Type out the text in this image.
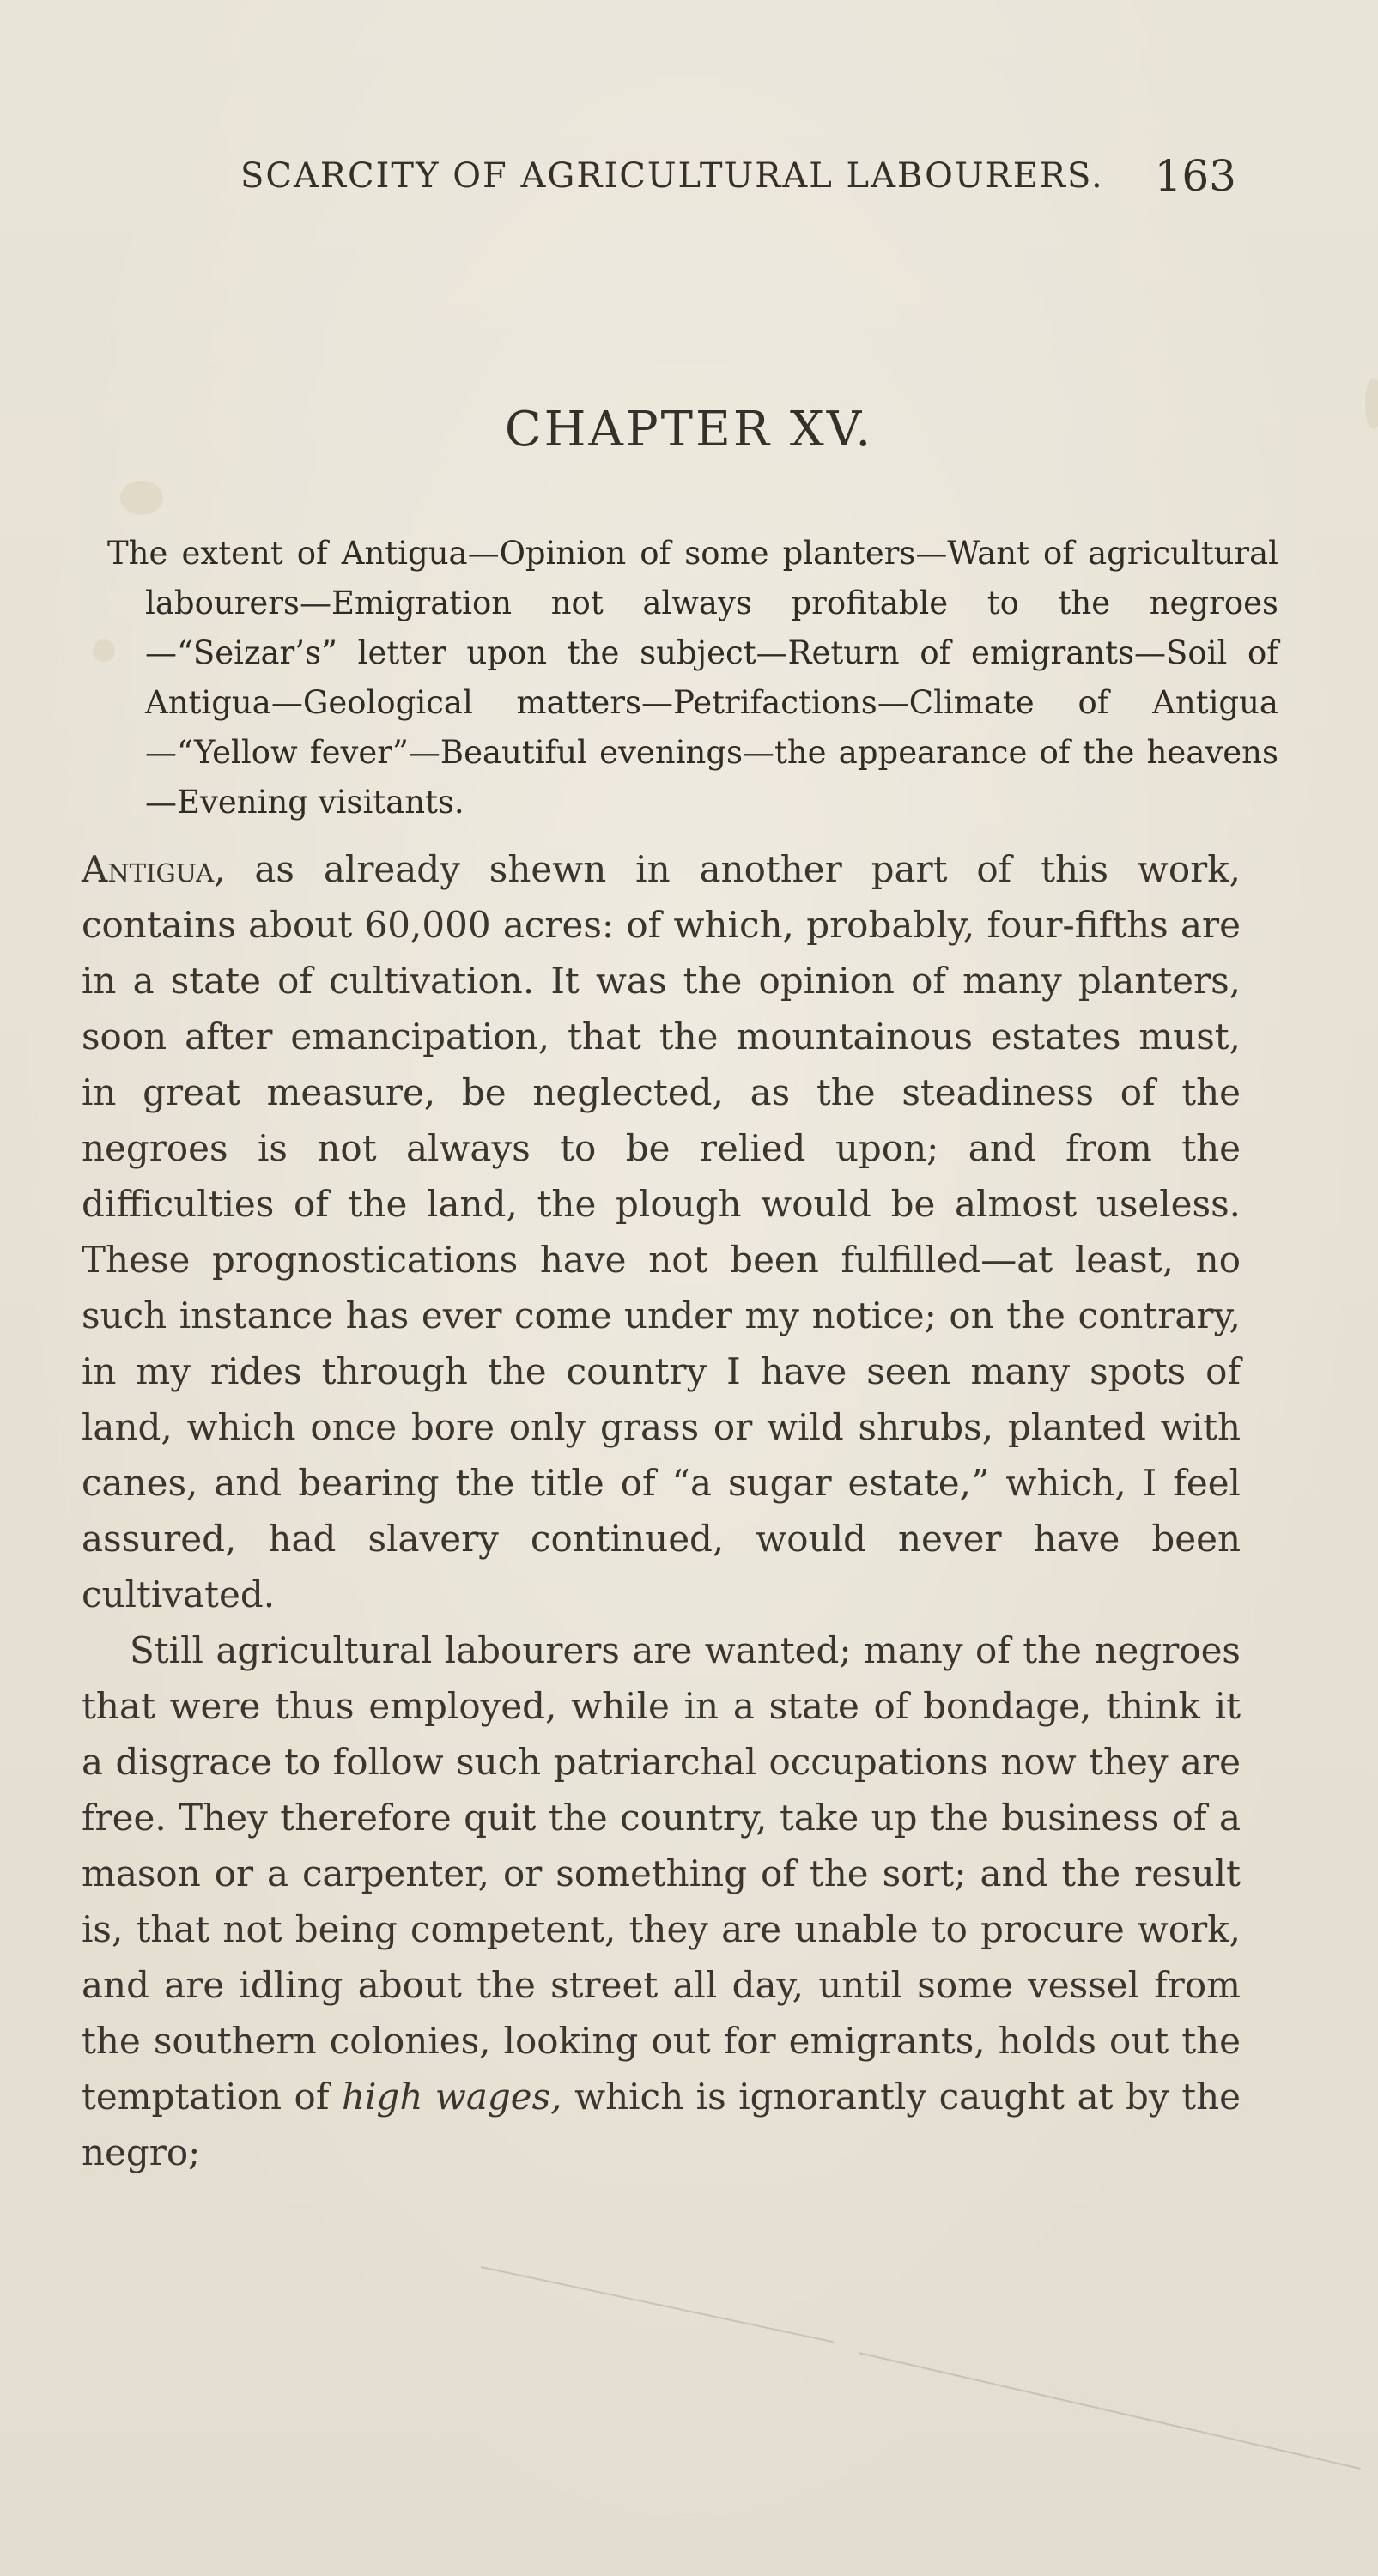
SCARCITY OF AGRICULTURAL LABOURERS. 163
CHAPTER XV.
The extent of Antigua—Opinion of some planters—Want of agricultural labourers—Emigration not always profitable to the negroes—“Seizar’s” letter upon the subject—Return of emigrants—Soil of Antigua—Geological matters—Petrifactions—Climate of Antigua—“Yellow fever”—Beautiful evenings—the appearance of the heavens—Evening visitants.

Antigua, as already shewn in another part of this work, contains about 60,000 acres: of which, probably, four-fifths are in a state of cultivation. It was the opinion of many planters, soon after emancipation, that the mountainous estates must, in great measure, be neglected, as the steadiness of the negroes is not always to be relied upon; and from the difficulties of the land, the plough would be almost useless. These prognostications have not been fulfilled—at least, no such instance has ever come under my notice; on the contrary, in my rides through the country I have seen many spots of land, which once bore only grass or wild shrubs, planted with canes, and bearing the title of “a sugar estate,” which, I feel assured, had slavery continued, would never have been cultivated.

Still agricultural labourers are wanted; many of the negroes that were thus employed, while in a state of bondage, think it a disgrace to follow such patriarchal occupations now they are free. They therefore quit the country, take up the business of a mason or a carpenter, or something of the sort; and the result is, that not being competent, they are unable to procure work, and are idling about the street all day, until some vessel from the southern colonies, looking out for emigrants, holds out the temptation of high wages, which is ignorantly caught at by the negro;
